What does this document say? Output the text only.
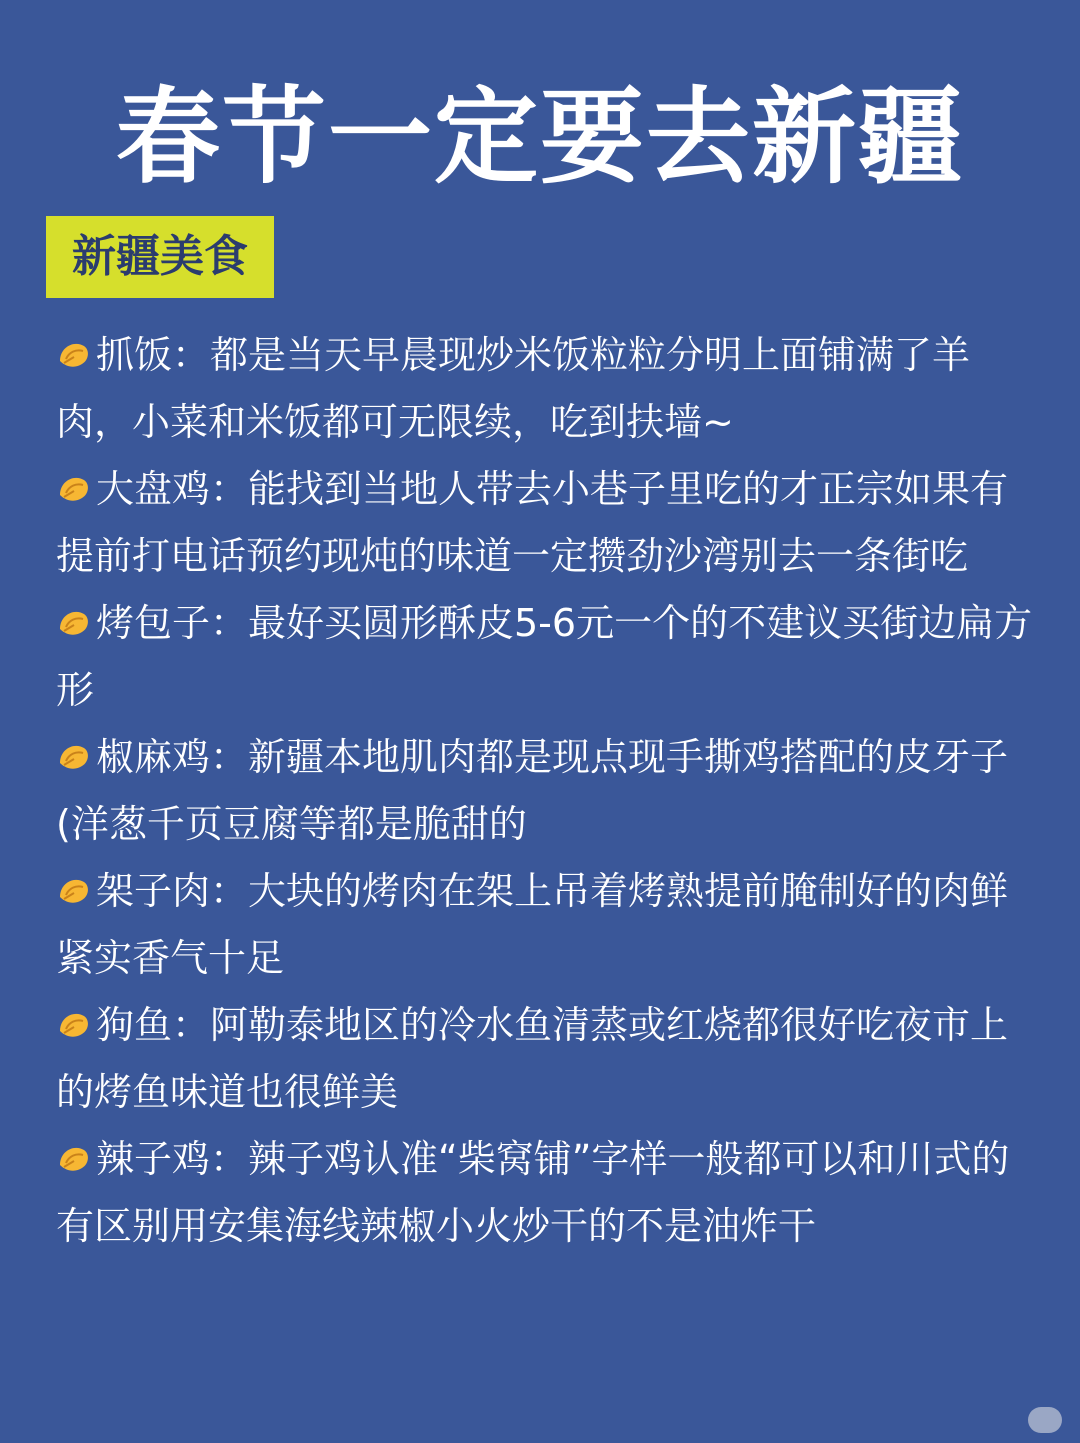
春节一定要去新疆
新疆美食
抓饭：都是当天早晨现炒米饭粒粒分明上面铺满了羊肉，小菜和米饭都可无限续，吃到扶墙~
大盘鸡：能找到当地人带去小巷子里吃的才正宗如果有提前打电话预约现炖的味道一定攒劲沙湾别去一条街吃
烤包子：最好买圆形酥皮5-6元一个的不建议买街边扁方形
椒麻鸡：新疆本地肌肉都是现点现手撕鸡搭配的皮牙子(洋葱千页豆腐等都是脆甜的
架子肉：大块的烤肉在架上吊着烤熟提前腌制好的肉鲜紧实香气十足
狗鱼：阿勒泰地区的冷水鱼清蒸或红烧都很好吃夜市上的烤鱼味道也很鲜美
辣子鸡：辣子鸡认准“柴窝铺”字样一般都可以和川式的有区别用安集海线辣椒小火炒干的不是油炸干
